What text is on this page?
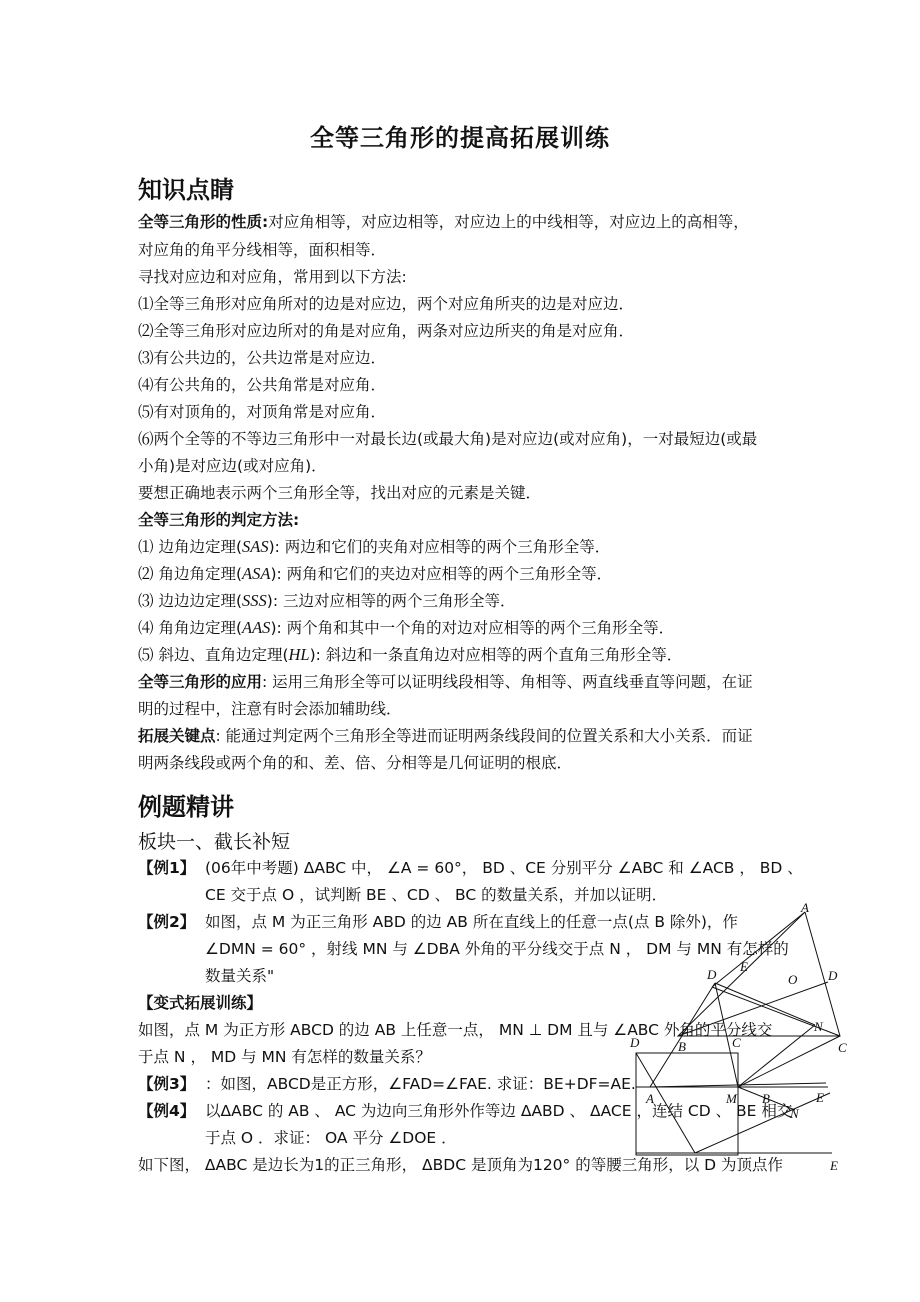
全等三角形的提高拓展训练
知识点睛
全等三角形的性质:对应角相等，对应边相等，对应边上的中线相等，对应边上的高相等，
对应角的角平分线相等，面积相等．
寻找对应边和对应角，常用到以下方法:
⑴全等三角形对应角所对的边是对应边，两个对应角所夹的边是对应边．
⑵全等三角形对应边所对的角是对应角，两条对应边所夹的角是对应角．
⑶有公共边的，公共边常是对应边．
⑷有公共角的，公共角常是对应角．
⑸有对顶角的，对顶角常是对应角．
⑹两个全等的不等边三角形中一对最长边(或最大角)是对应边(或对应角)，一对最短边(或最
小角)是对应边(或对应角)．
要想正确地表示两个三角形全等，找出对应的元素是关键．
全等三角形的判定方法:
⑴ 边角边定理(SAS): 两边和它们的夹角对应相等的两个三角形全等．
⑵ 角边角定理(ASA): 两角和它们的夹边对应相等的两个三角形全等．
⑶ 边边边定理(SSS): 三边对应相等的两个三角形全等．
⑷ 角角边定理(AAS): 两个角和其中一个角的对边对应相等的两个三角形全等．
⑸ 斜边、直角边定理(HL): 斜边和一条直角边对应相等的两个直角三角形全等．
全等三角形的应用: 运用三角形全等可以证明线段相等、角相等、两直线垂直等问题，在证
明的过程中，注意有时会添加辅助线．
拓展关键点: 能通过判定两个三角形全等进而证明两条线段间的位置关系和大小关系．而证
明两条线段或两个角的和、差、倍、分相等是几何证明的根底．
例题精讲
板块一、截长补短
【例1】 (06年中考题) ΔABC 中， ∠A = 60°， BD 、CE 分别平分 ∠ABC 和 ∠ACB ， BD 、
CE 交于点 O ，试判断 BE 、CD 、 BC 的数量关系，并加以证明．
【例2】 如图，点 M 为正三角形 ABD 的边 AB 所在直线上的任意一点(点 B 除外)，作
∠DMN = 60° ，射线 MN 与 ∠DBA 外角的平分线交于点 N ， DM 与 MN 有怎样的
数量关系"
【变式拓展训练】
如图，点 M 为正方形 ABCD 的边 AB 上任意一点， MN ⊥ DM 且与 ∠ABC 外角的平分线交
于点 N ， MD 与 MN 有怎样的数量关系？
【例3】 ：如图，ABCD是正方形，∠FAD=∠FAE. 求证：BE+DF=AE.
【例4】 以ΔABC 的 AB 、 AC 为边向三角形外作等边 ΔABD 、 ΔACE ，连结 CD 、 BE 相交
于点 O ．求证： OA 平分 ∠DOE ．
如下图， ΔABC 是边长为1的正三角形， ΔBDC 是顶角为120° 的等腰三角形，以 D 为顶点作
A
D
E
O D
B	C
N
C
D
A	M B	E
N
E
